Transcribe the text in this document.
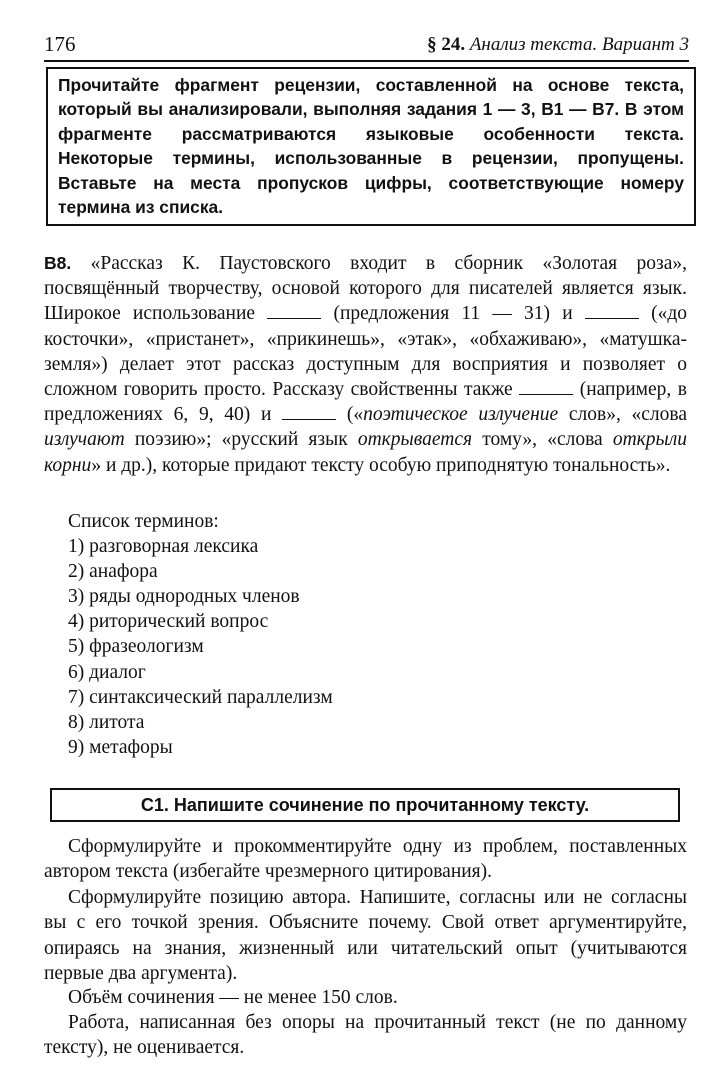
176	§ 24. Анализ текста. Вариант 3

Прочитайте фрагмент рецензии, составленной на основе текста, который вы анализировали, выполняя задания 1 — 3, В1 — В7. В этом фрагменте рассматриваются языковые особенности текста. Некоторые термины, использованные в рецензии, пропущены. Вставьте на места пропусков цифры, соответствующие номеру термина из списка.

В8. «Рассказ К. Паустовского входит в сборник «Золотая роза», посвящённый творчеству, основой которого для писателей является язык. Широкое использование	(предложения 11 — 31) и	(«до косточки», «пристанет», «прикинешь», «этак», «обхаживаю», «матушка-земля») делает этот рассказ доступным для восприятия и позволяет о сложном говорить просто. Рассказу свойственны также	(например, в предложениях 6, 9, 40) и	(«поэтическое излучение слов», «слова излучают поэзию»; «русский язык открывается тому», «слова открыли корни» и др.), которые придают тексту особую приподнятую тональность».

Список терминов:
1) разговорная лексика
2) анафора
3) ряды однородных членов
4) риторический вопрос
5) фразеологизм
6) диалог
7) синтаксический параллелизм
8) литота
9) метафоры
С1. Напишите сочинение по прочитанному тексту.

Сформулируйте и прокомментируйте одну из проблем, поставленных автором текста (избегайте чрезмерного цитирования).

Сформулируйте позицию автора. Напишите, согласны или не согласны вы с его точкой зрения. Объясните почему. Свой ответ аргументируйте, опираясь на знания, жизненный или читательский опыт (учитываются первые два аргумента).

Объём сочинения — не менее 150 слов.

Работа, написанная без опоры на прочитанный текст (не по данному тексту), не оценивается.
